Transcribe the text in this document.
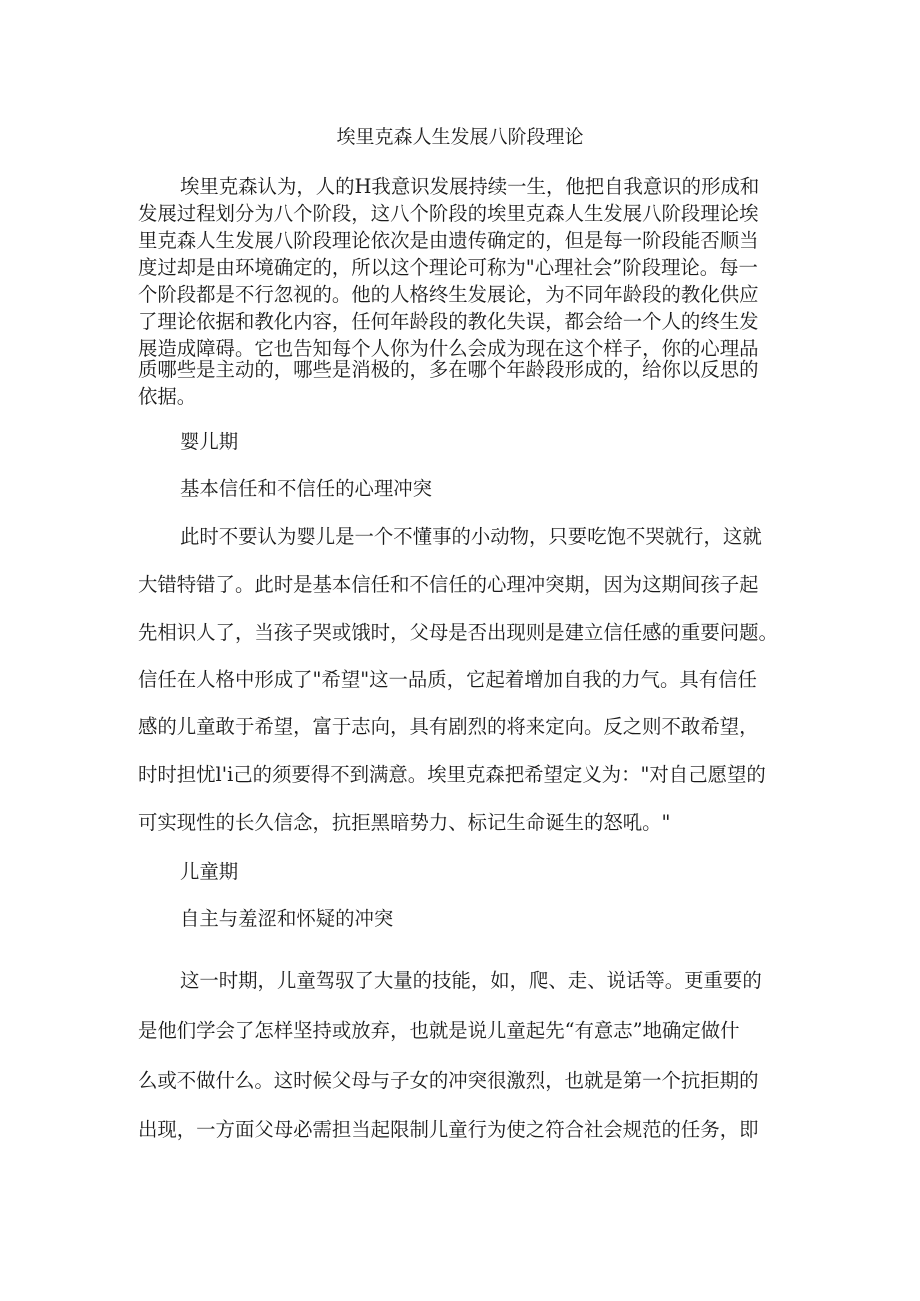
埃里克森人生发展八阶段理论
埃里克森认为，人的H我意识发展持续一生，他把自我意识的形成和
发展过程划分为八个阶段，这八个阶段的埃里克森人生发展八阶段理论埃
里克森人生发展八阶段理论依次是由遗传确定的，但是每一阶段能否顺当
度过却是由环境确定的，所以这个理论可称为"心理社会”阶段理论。每一
个阶段都是不行忽视的。他的人格终生发展论，为不同年龄段的教化供应
了理论依据和教化内容，任何年龄段的教化失误，都会给一个人的终生发
展造成障碍。它也告知每个人你为什么会成为现在这个样子，你的心理品
质哪些是主动的，哪些是消极的，多在哪个年龄段形成的，给你以反思的
依据。
婴儿期
基本信任和不信任的心理冲突
此时不要认为婴儿是一个不懂事的小动物，只要吃饱不哭就行，这就
大错特错了。此时是基本信任和不信任的心理冲突期，因为这期间孩子起
先相识人了，当孩子哭或饿时，父母是否出现则是建立信任感的重要问题。
信任在人格中形成了"希望"这一品质，它起着增加自我的力气。具有信任
感的儿童敢于希望，富于志向，具有剧烈的将来定向。反之则不敢希望，
时时担忧l'i己的须要得不到满意。埃里克森把希望定义为："对自己愿望的
可实现性的长久信念，抗拒黑暗势力、标记生命诞生的怒吼。"
儿童期
自主与羞涩和怀疑的冲突
这一时期，儿童驾驭了大量的技能，如，爬、走、说话等。更重要的
是他们学会了怎样坚持或放弃，也就是说儿童起先“有意志”地确定做什
么或不做什么。这时候父母与子女的冲突很激烈，也就是第一个抗拒期的
出现，一方面父母必需担当起限制儿童行为使之符合社会规范的任务，即
